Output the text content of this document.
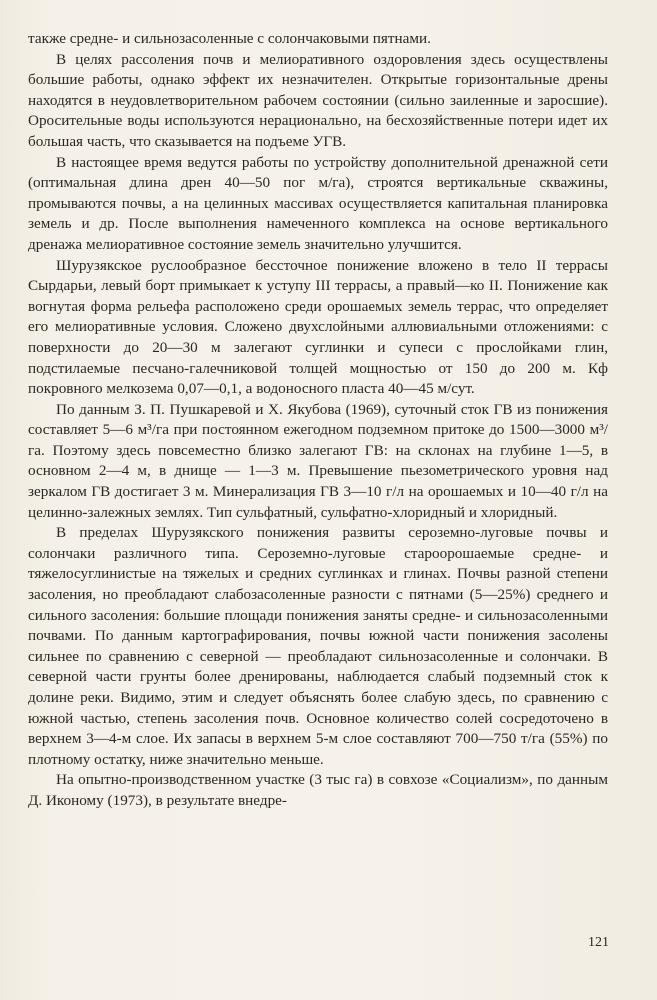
также средне- и сильнозасоленные с солончаковыми пятнами.

В целях рассоления почв и мелиоративного оздоровления здесь осуществлены большие работы, однако эффект их незначителен. Открытые горизонтальные дрены находятся в неудовлетворительном рабочем состоянии (сильно заиленные и заросшие). Оросительные воды используются нерационально, на бесхозяйственные потери идет их большая часть, что сказывается на подъеме УГВ.

В настоящее время ведутся работы по устройству дополнительной дренажной сети (оптимальная длина дрен 40—50 пог м/га), строятся вертикальные скважины, промываются почвы, а на целинных массивах осуществляется капитальная планировка земель и др. После выполнения намеченного комплекса на основе вертикального дренажа мелиоративное состояние земель значительно улучшится.

Шурузякское руслообразное бессточное понижение вложено в тело II террасы Сырдарьи, левый борт примыкает к уступу III террасы, а правый—ко II. Понижение как вогнутая форма рельефа расположено среди орошаемых земель террас, что определяет его мелиоративные условия. Сложено двухслойными аллювиальными отложениями: с поверхности до 20—30 м залегают суглинки и супеси с прослойками глин, подстилаемые песчано-галечниковой толщей мощностью от 150 до 200 м. Кф покровного мелкозема 0,07—0,1, а водоносного пласта 40—45 м/сут.

По данным З. П. Пушкаревой и Х. Якубова (1969), суточный сток ГВ из понижения составляет 5—6 м³/га при постоянном ежегодном подземном притоке до 1500—3000 м³/га. Поэтому здесь повсеместно близко залегают ГВ: на склонах на глубине 1—5, в основном 2—4 м, в днище — 1—3 м. Превышение пьезометрического уровня над зеркалом ГВ достигает 3 м. Минерализация ГВ 3—10 г/л на орошаемых и 10—40 г/л на целинно-залежных землях. Тип сульфатный, сульфатно-хлоридный и хлоридный.

В пределах Шурузякского понижения развиты сероземно-луговые почвы и солончаки различного типа. Сероземно-луговые староорошаемые средне- и тяжелосуглинистые на тяжелых и средних суглинках и глинах. Почвы разной степени засоления, но преобладают слабозасоленные разности с пятнами (5—25%) среднего и сильного засоления: большие площади понижения заняты средне- и сильнозасоленными почвами. По данным картографирования, почвы южной части понижения засолены сильнее по сравнению с северной — преобладают сильнозасоленные и солончаки. В северной части грунты более дренированы, наблюдается слабый подземный сток к долине реки. Видимо, этим и следует объяснять более слабую здесь, по сравнению с южной частью, степень засоления почв. Основное количество солей сосредоточено в верхнем 3—4-м слое. Их запасы в верхнем 5-м слое составляют 700—750 т/га (55%) по плотному остатку, ниже значительно меньше.

На опытно-производственном участке (3 тыс га) в совхозе «Социализм», по данным Д. Иконому (1973), в результате внедре-

121
